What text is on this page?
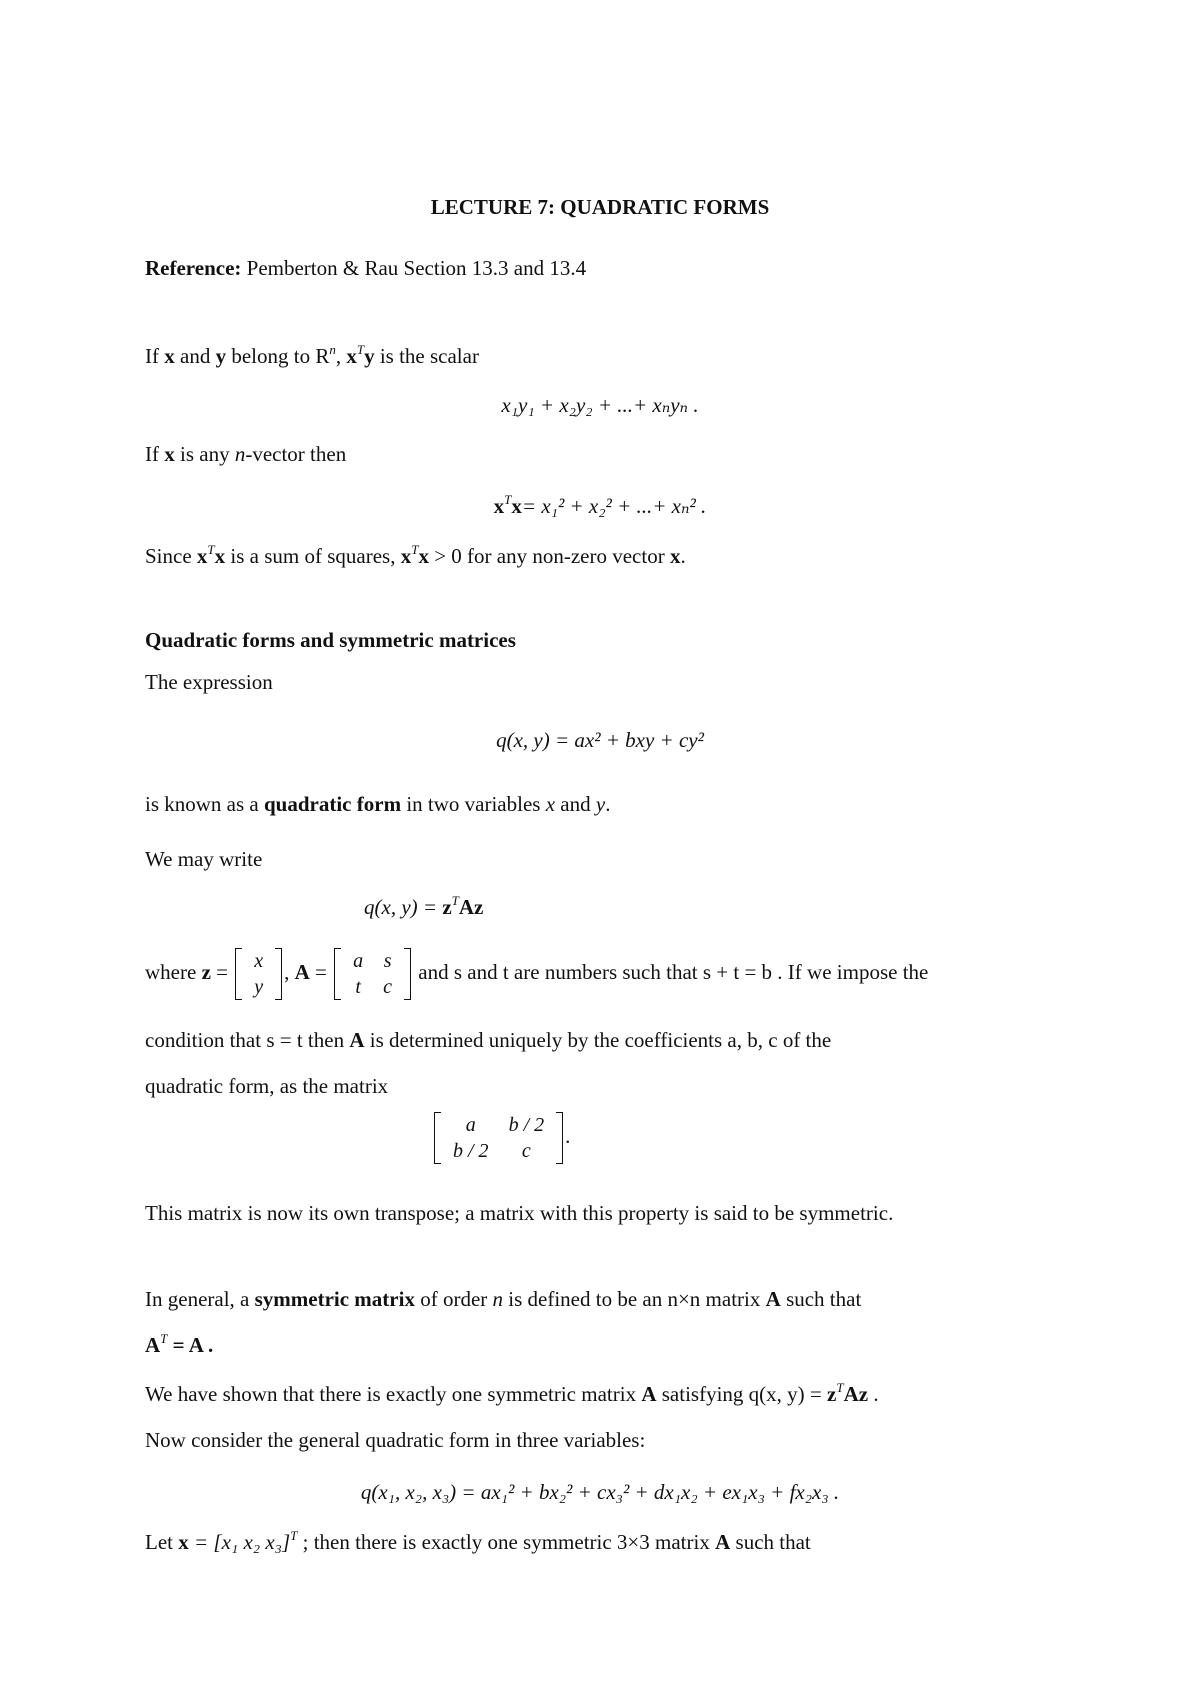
LECTURE 7: QUADRATIC FORMS
Reference: Pemberton & Rau Section 13.3 and 13.4
If x and y belong to $R^n$, $x^Ty$ is the scalar
x₁y₁ + x₂y₂ + ...+ xₙyₙ .
If x is any n-vector then
$x^Tx= x_1^2 + x_2^2$ + ...+ xₙ² .
Since $x^Tx$ is a sum of squares, $x^Tx > 0$ for any non-zero vector x.
Quadratic forms and symmetric matrices
The expression
q(x, y) = ax² + bxy + cy²
is known as a quadratic form in two variables x and y.
We may write
q(x, $y) = z^TAz$
where z = x
y
, A = a	s
t	c
and s and t are numbers such that s + t = b . If we impose the
condition that s = t then A is determined uniquely by the coefficients a, b, c of the
quadratic form, as the matrix
a	b / 2
b / 2	c
.
This matrix is now its own transpose; a matrix with this property is said to be symmetric.
In general, a symmetric matrix of order n is defined to be an n×n matrix A such that
$A^T = A$ .
We have shown that there is exactly one symmetric matrix A satisfying q(x, $y) = z^TAz$ .
Now consider the general quadratic form in three variables:
q(x₁, x₂, x₃) = ax₁² + bx₂² + cx₃² + dx₁x₂ + ex₁x₃ + fx₂x₃ .
Let x = [x₁ x₂ x₃]$^T$ ; then there is exactly one symmetric 3×3 matrix A such that
